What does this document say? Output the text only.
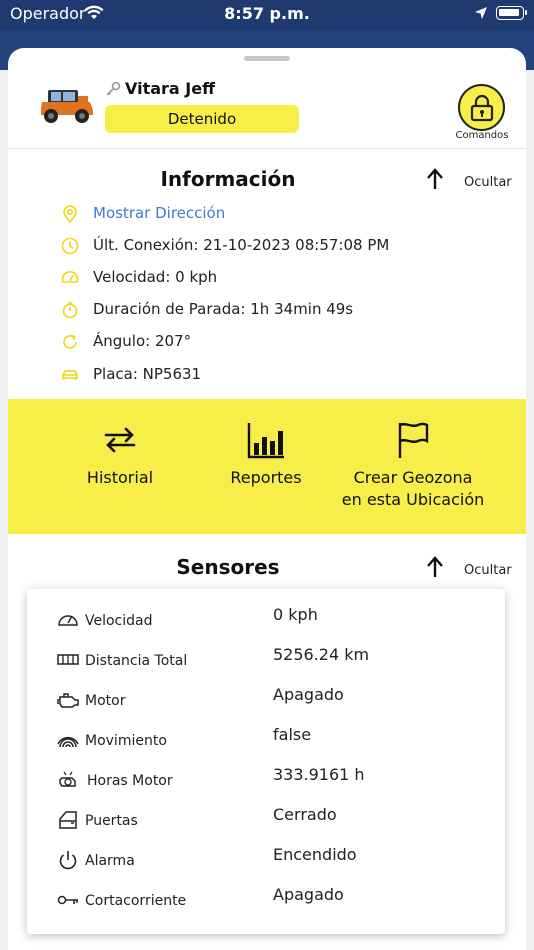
Operador	8:57 p.m.
Vitara Jeff
Detenido
Comandos
Información	Ocultar
Mostrar Dirección
Últ. Conexión: 21-10-2023 08:57:08 PM
Velocidad: 0 kph
Duración de Parada: 1h 34min 49s
Ángulo: 207°
Placa: NP5631
Historial	Reportes	Crear Geozona
en esta Ubicación
Sensores	Ocultar
Velocidad	0 kph
Distancia Total	5256.24 km
Motor	Apagado
Movimiento	false
Horas Motor	333.9161 h
Puertas	Cerrado
Alarma	Encendido
Cortacorriente	Apagado
